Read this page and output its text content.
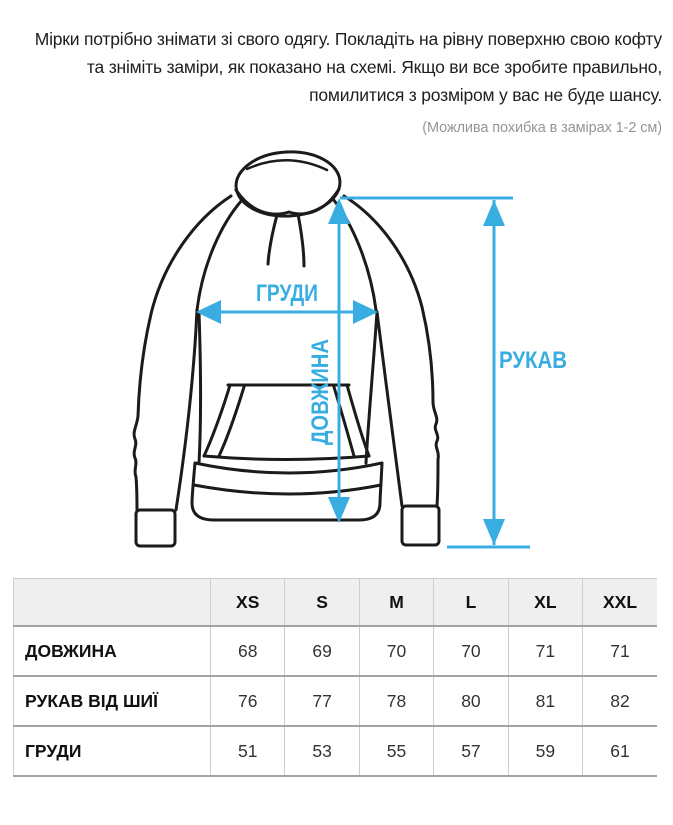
Мірки потрібно знімати зі свого одягу. Покладіть на рівну поверхню свою кофту та зніміть заміри, як показано на схемі. Якщо ви все зробите правильно, помилитися з розміром у вас не буде шансу.

(Можлива похибка в замірах 1-2 см)

ГРУДИ
ДОВЖИНА	РУКАВ
	XS	S	M	L	XL	XXL
ДОВЖИНА	68	69	70	70	71	71
РУКАВ ВІД ШИЇ	76	77	78	80	81	82
ГРУДИ	51	53	55	57	59	61
